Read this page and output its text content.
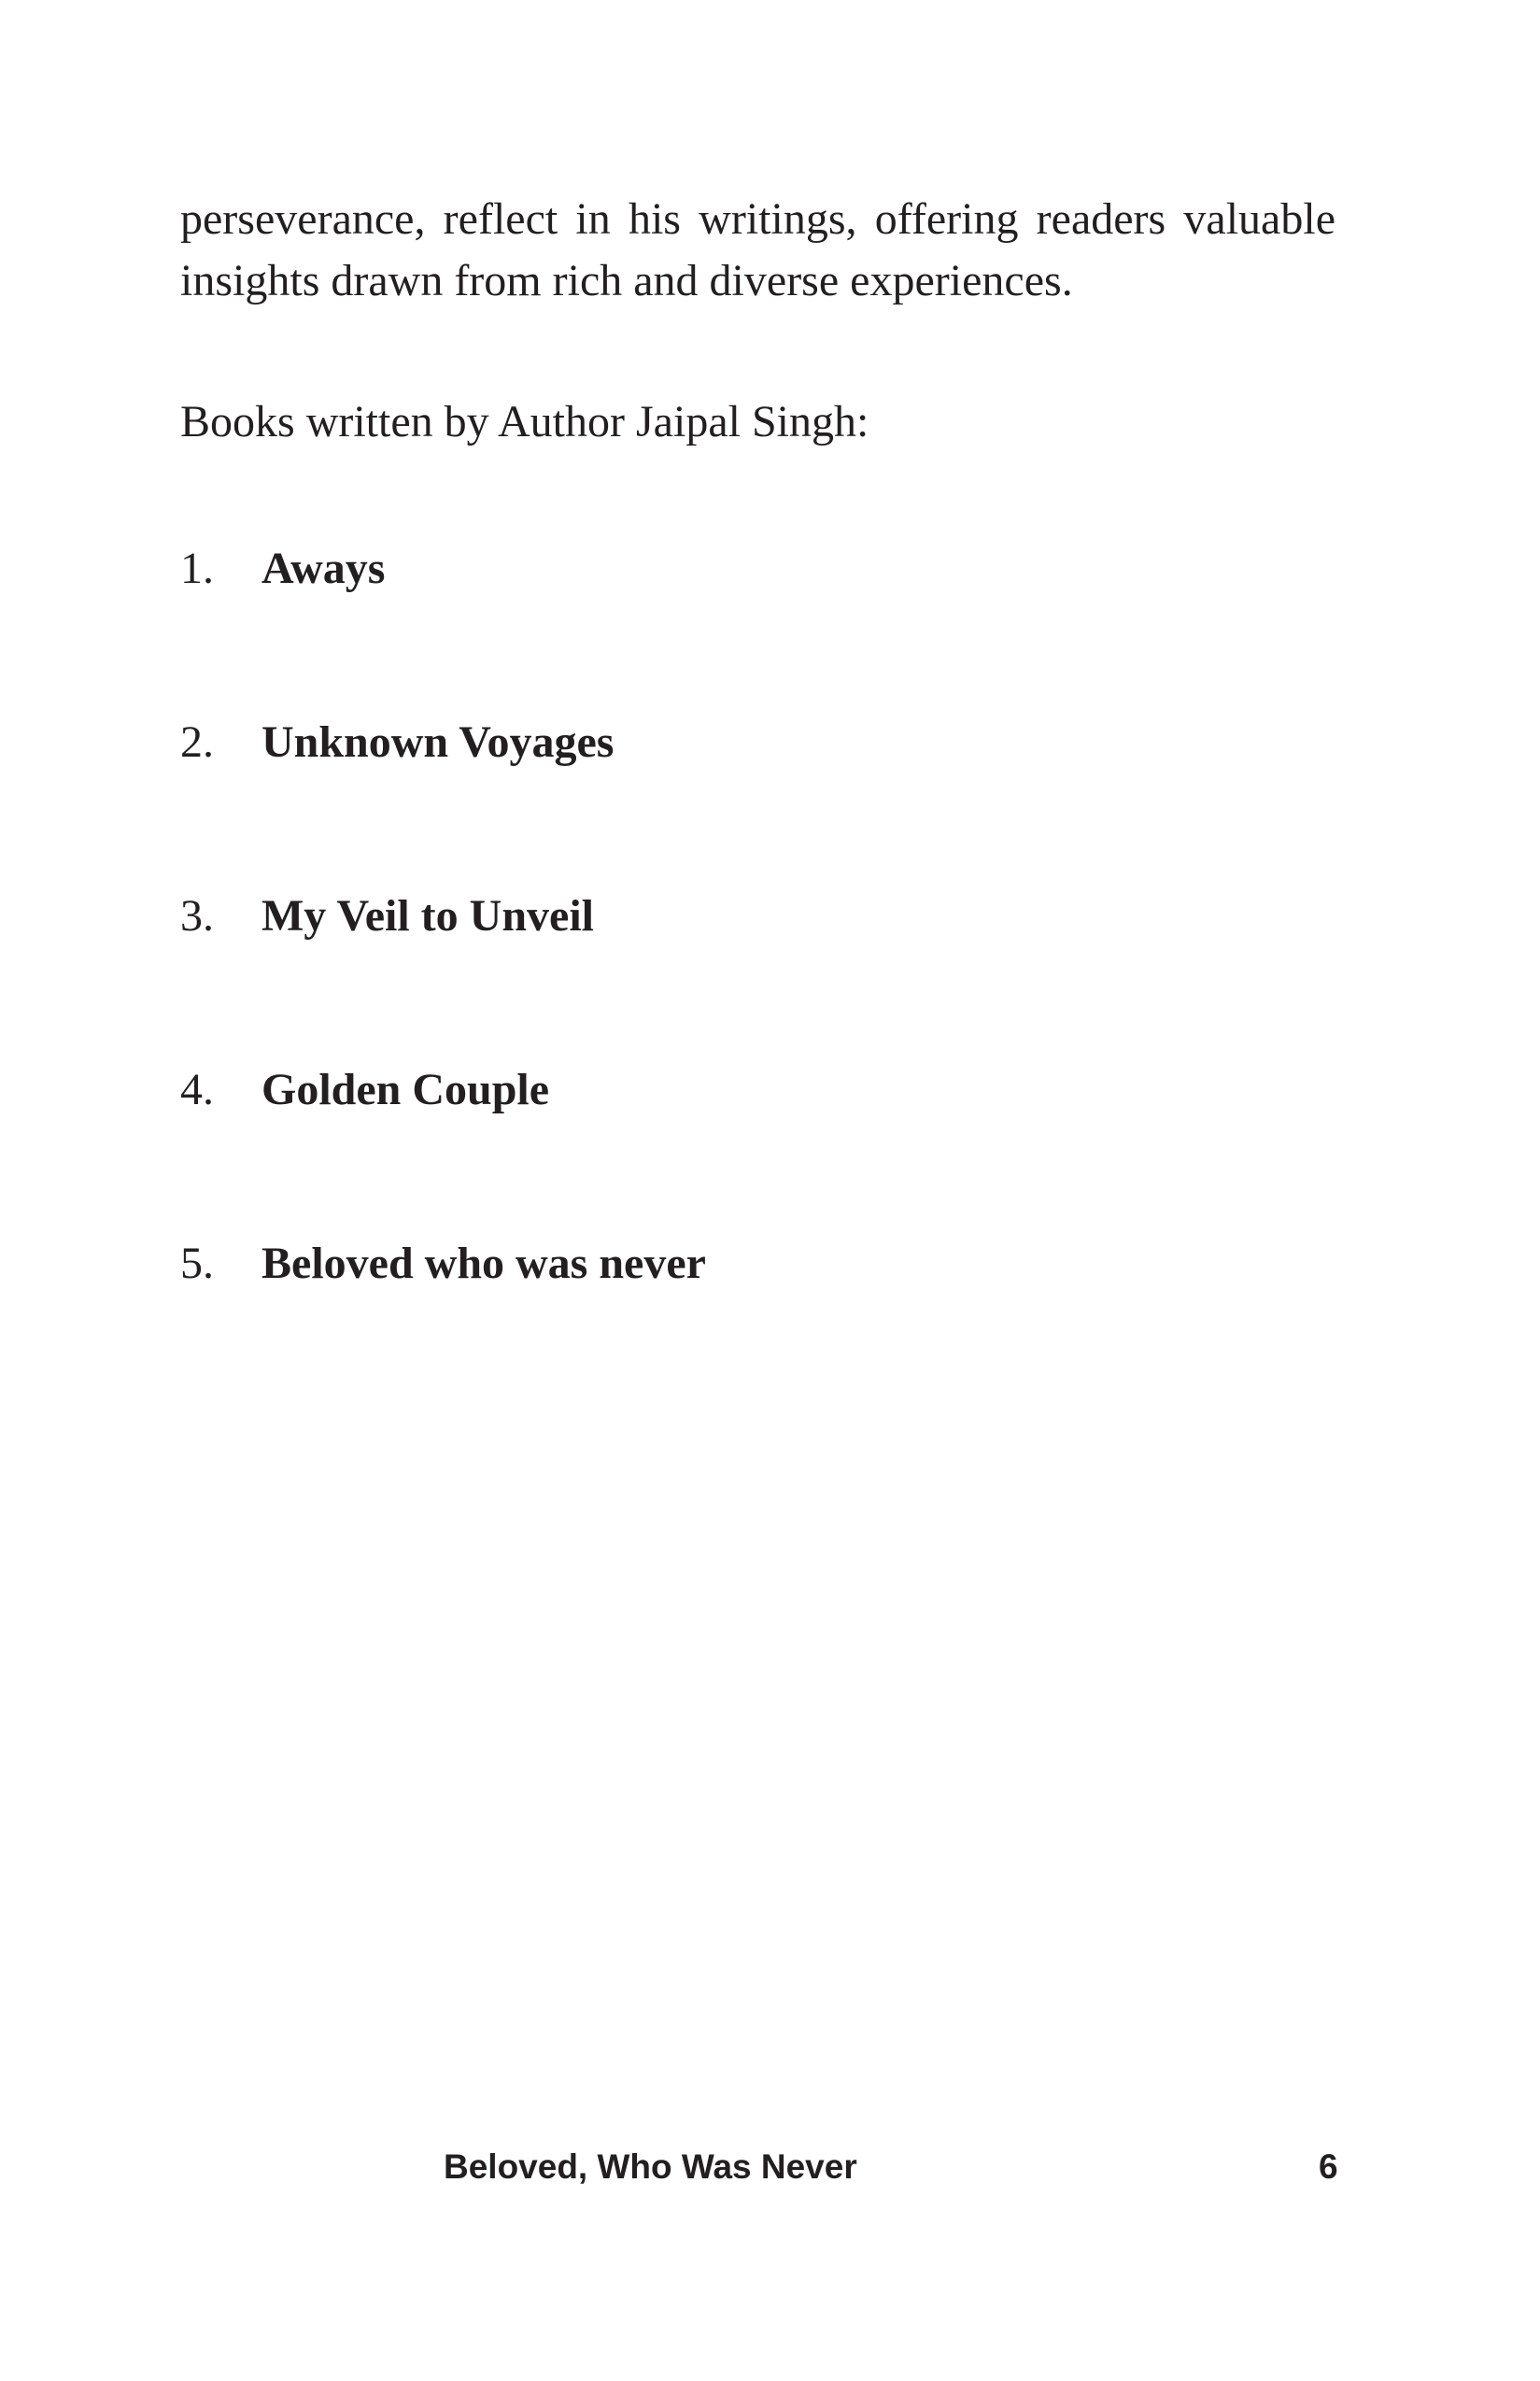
perseverance, reflect in his writings, offering readers valuable
insights drawn from rich and diverse experiences.

Books written by Author Jaipal Singh:

1. Aways
2. Unknown Voyages
3. My Veil to Unveil
4. Golden Couple
5. Beloved who was never
Beloved, Who Was Never	6
